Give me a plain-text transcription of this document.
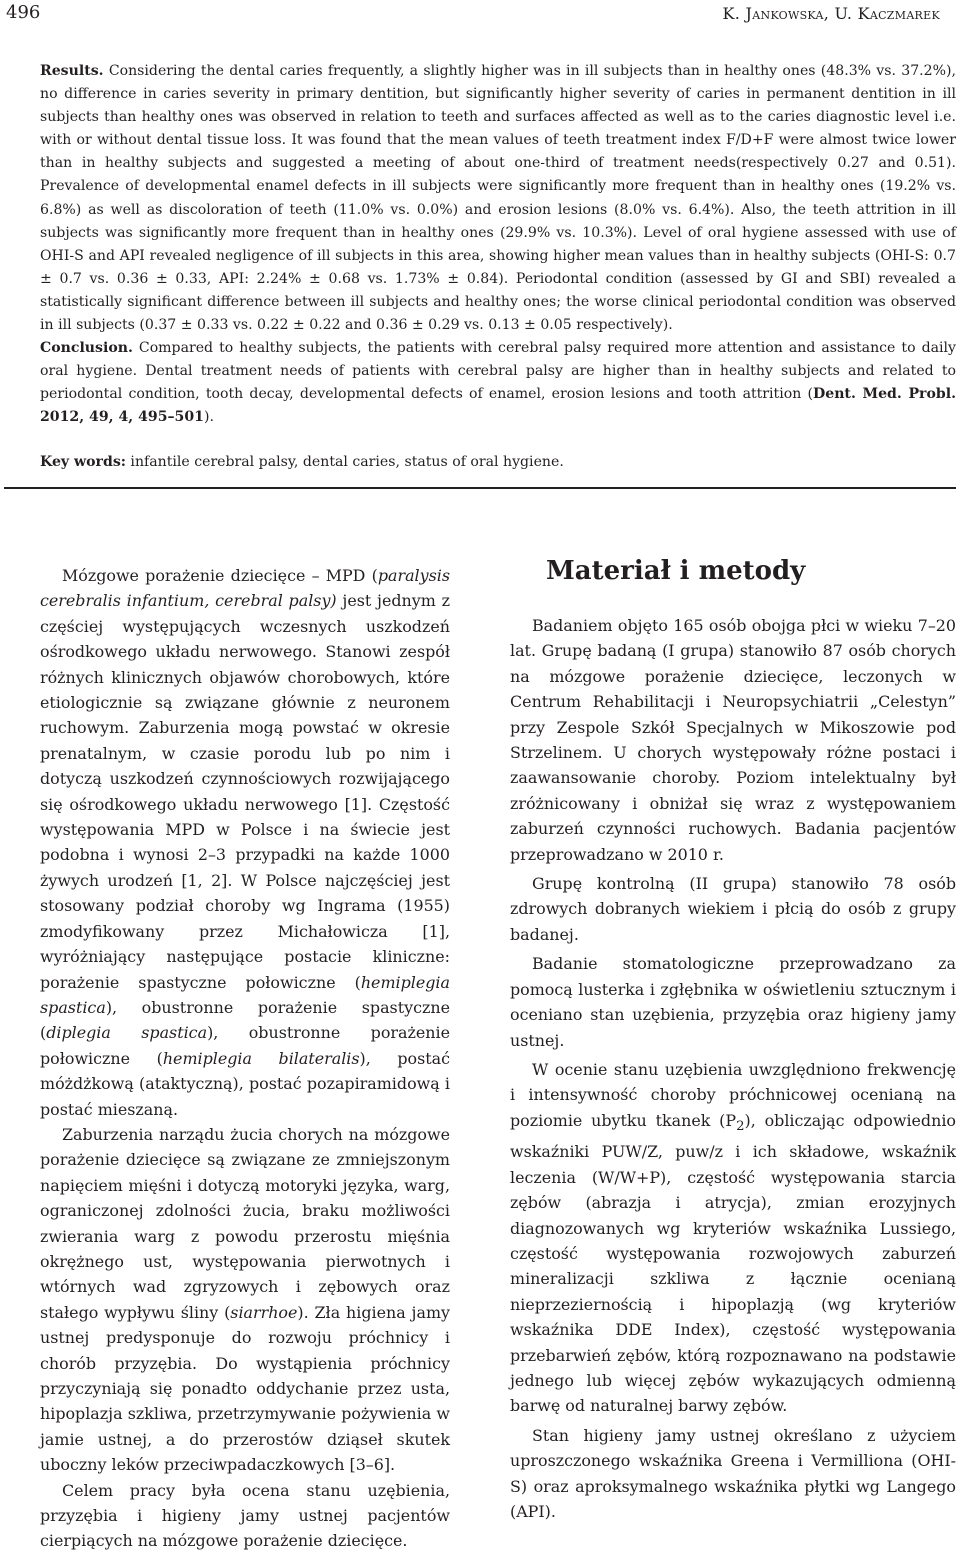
496	K. Jankowska, U. Kaczmarek

Results. Considering the dental caries frequently, a slightly higher was in ill subjects than in healthy ones (48.3% vs. 37.2%), no difference in caries severity in primary dentition, but significantly higher severity of caries in permanent dentition in ill subjects than healthy ones was observed in relation to teeth and surfaces affected as well as to the caries diagnostic level i.e. with or without dental tissue loss. It was found that the mean values of teeth treatment index F/D+F were almost twice lower than in healthy subjects and suggested a meeting of about one-third of treatment needs(respectively 0.27 and 0.51). Prevalence of developmental enamel defects in ill subjects were significantly more frequent than in healthy ones (19.2% vs. 6.8%) as well as discoloration of teeth (11.0% vs. 0.0%) and erosion lesions (8.0% vs. 6.4%). Also, the teeth attrition in ill subjects was significantly more frequent than in healthy ones (29.9% vs. 10.3%). Level of oral hygiene assessed with use of OHI-S and API revealed negligence of ill subjects in this area, showing higher mean values than in healthy subjects (OHI-S: 0.7 ± 0.7 vs. 0.36 ± 0.33, API: 2.24% ± 0.68 vs. 1.73% ± 0.84). Periodontal condition (assessed by GI and SBI) revealed a statistically significant difference between ill subjects and healthy ones; the worse clinical periodontal condition was observed in ill subjects (0.37 ± 0.33 vs. 0.22 ± 0.22 and 0.36 ± 0.29 vs. 0.13 ± 0.05 respectively).

Conclusion. Compared to healthy subjects, the patients with cerebral palsy required more attention and assistance to daily oral hygiene. Dental treatment needs of patients with cerebral palsy are higher than in healthy subjects and related to periodontal condition, tooth decay, developmental defects of enamel, erosion lesions and tooth attrition (Dent. Med. Probl. 2012, 49, 4, 495–501).

Key words: infantile cerebral palsy, dental caries, status of oral hygiene.

Mózgowe porażenie dziecięce – MPD (paralysis cerebralis infantium, cerebral palsy) jest jednym z częściej występujących wczesnych uszkodzeń ośrodkowego układu nerwowego. Stanowi zespół różnych klinicznych objawów chorobowych, które etiologicznie są związane głównie z neuronem ruchowym. Zaburzenia mogą powstać w okresie prenatalnym, w czasie porodu lub po nim i dotyczą uszkodzeń czynnościowych rozwijającego się ośrodkowego układu nerwowego [1]. Częstość występowania MPD w Polsce i na świecie jest podobna i wynosi 2–3 przypadki na każde 1000 żywych urodzeń [1, 2]. W Polsce najczęściej jest stosowany podział choroby wg Ingrama (1955) zmodyfikowany przez Michałowicza [1], wyróżniający następujące postacie kliniczne: porażenie spastyczne połowiczne (hemiplegia spastica), obustronne porażenie spastyczne (diplegia spastica), obustronne porażenie połowiczne (hemiplegia bilateralis), postać móżdżkową (ataktyczną), postać pozapiramidową i postać mieszaną.

Zaburzenia narządu żucia chorych na mózgowe porażenie dziecięce są związane ze zmniejszonym napięciem mięśni i dotyczą motoryki języka, warg, ograniczonej zdolności żucia, braku możliwości zwierania warg z powodu przerostu mięśnia okrężnego ust, występowania pierwotnych i wtórnych wad zgryzowych i zębowych oraz stałego wypływu śliny (siarrhoe). Zła higiena jamy ustnej predysponuje do rozwoju próchnicy i chorób przyzębia. Do wystąpienia próchnicy przyczyniają się ponadto oddychanie przez usta, hipoplazja szkliwa, przetrzymywanie pożywienia w jamie ustnej, a do przerostów dziąseł skutek uboczny leków przeciwpadaczkowych [3–6].

Celem pracy była ocena stanu uzębienia, przyzębia i higieny jamy ustnej pacjentów cierpiących na mózgowe porażenie dziecięce.

Materiał i metody

Badaniem objęto 165 osób obojga płci w wieku 7–20 lat. Grupę badaną (I grupa) stanowiło 87 osób chorych na mózgowe porażenie dziecięce, leczonych w Centrum Rehabilitacji i Neuropsychiatrii „Celestyn” przy Zespole Szkół Specjalnych w Mikoszowie pod Strzelinem. U chorych występowały różne postaci i zaawansowanie choroby. Poziom intelektualny był zróżnicowany i obniżał się wraz z występowaniem zaburzeń czynności ruchowych. Badania pacjentów przeprowadzano w 2010 r.

Grupę kontrolną (II grupa) stanowiło 78 osób zdrowych dobranych wiekiem i płcią do osób z grupy badanej.

Badanie stomatologiczne przeprowadzano za pomocą lusterka i zgłębnika w oświetleniu sztucznym i oceniano stan uzębienia, przyzębia oraz higieny jamy ustnej.

W ocenie stanu uzębienia uwzględniono frekwencję i intensywność choroby próchnicowej ocenianą na poziomie ubytku tkanek $(P_2)$, obliczając odpowiednio wskaźniki PUW/Z, puw/z i ich składowe, wskaźnik leczenia (W/W+P), częstość występowania starcia zębów (abrazja i atrycja), zmian erozyjnych diagnozowanych wg kryteriów wskaźnika Lussiego, częstość występowania rozwojowych zaburzeń mineralizacji szkliwa z łącznie ocenianą nieprzeziernością i hipoplazją (wg kryteriów wskaźnika DDE Index), częstość występowania przebarwień zębów, którą rozpoznawano na podstawie jednego lub więcej zębów wykazujących odmienną barwę od naturalnej barwy zębów.

Stan higieny jamy ustnej określano z użyciem uproszczonego wskaźnika Greena i Vermilliona (OHI-S) oraz aproksymalnego wskaźnika płytki wg Langego (API).
